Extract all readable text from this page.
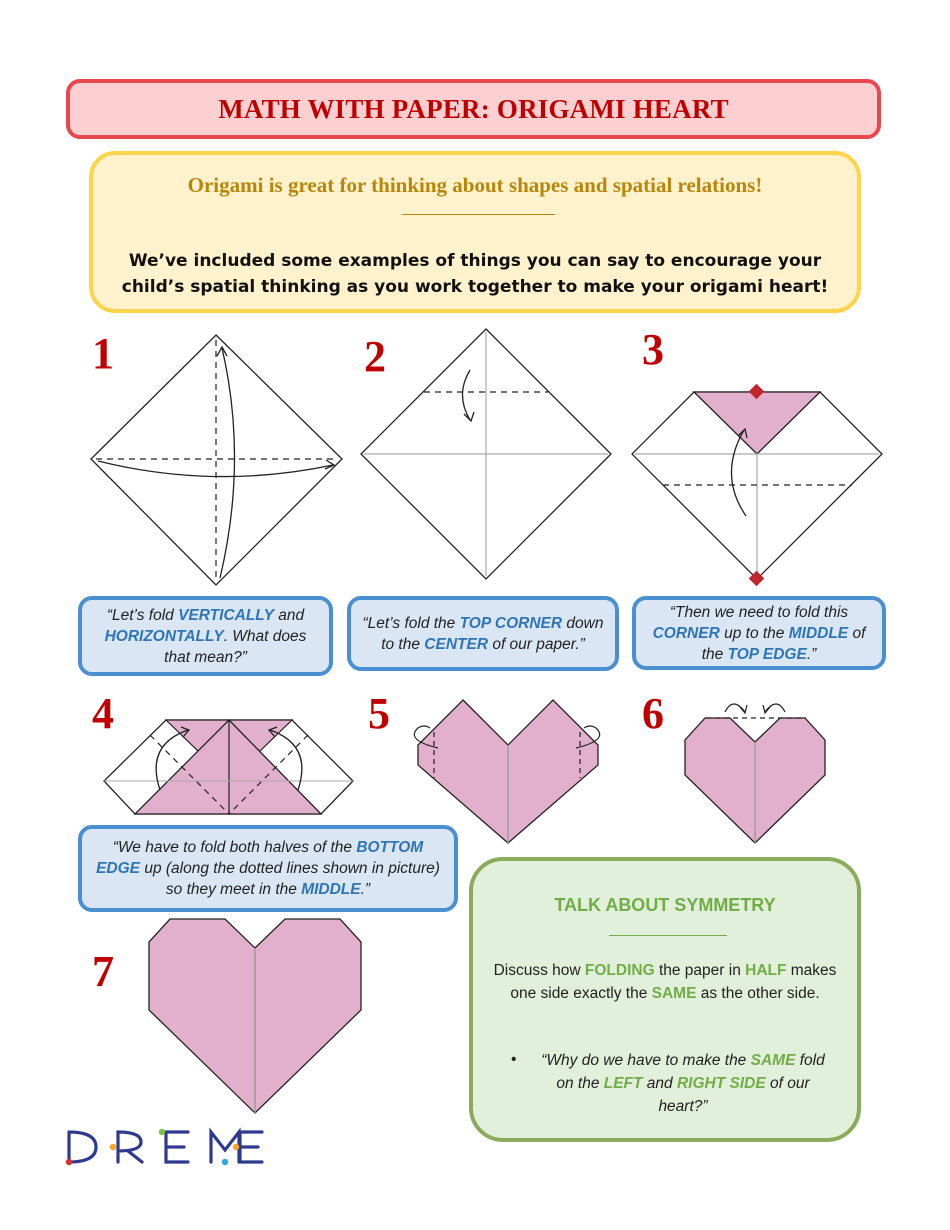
MATH WITH PAPER: ORIGAMI HEART
Origami is great for thinking about shapes and spatial relations!
We’ve included some examples of things you can say to encourage your child’s spatial thinking as you work together to make your origami heart!
1	2	3
4	5	6
7
“Let’s fold VERTICALLY and HORIZONTALLY. What does that mean?”
“Let’s fold the TOP CORNER down to the CENTER of our paper.”
“Then we need to fold this CORNER up to the MIDDLE of the TOP EDGE.”
“We have to fold both halves of the BOTTOM EDGE up (along the dotted lines shown in picture) so they meet in the MIDDLE.”
TALK ABOUT SYMMETRY
Discuss how FOLDING the paper in HALF makes one side exactly the SAME as the other side.
•	“Why do we have to make the SAME fold on the LEFT and RIGHT SIDE of our heart?”
DREME
